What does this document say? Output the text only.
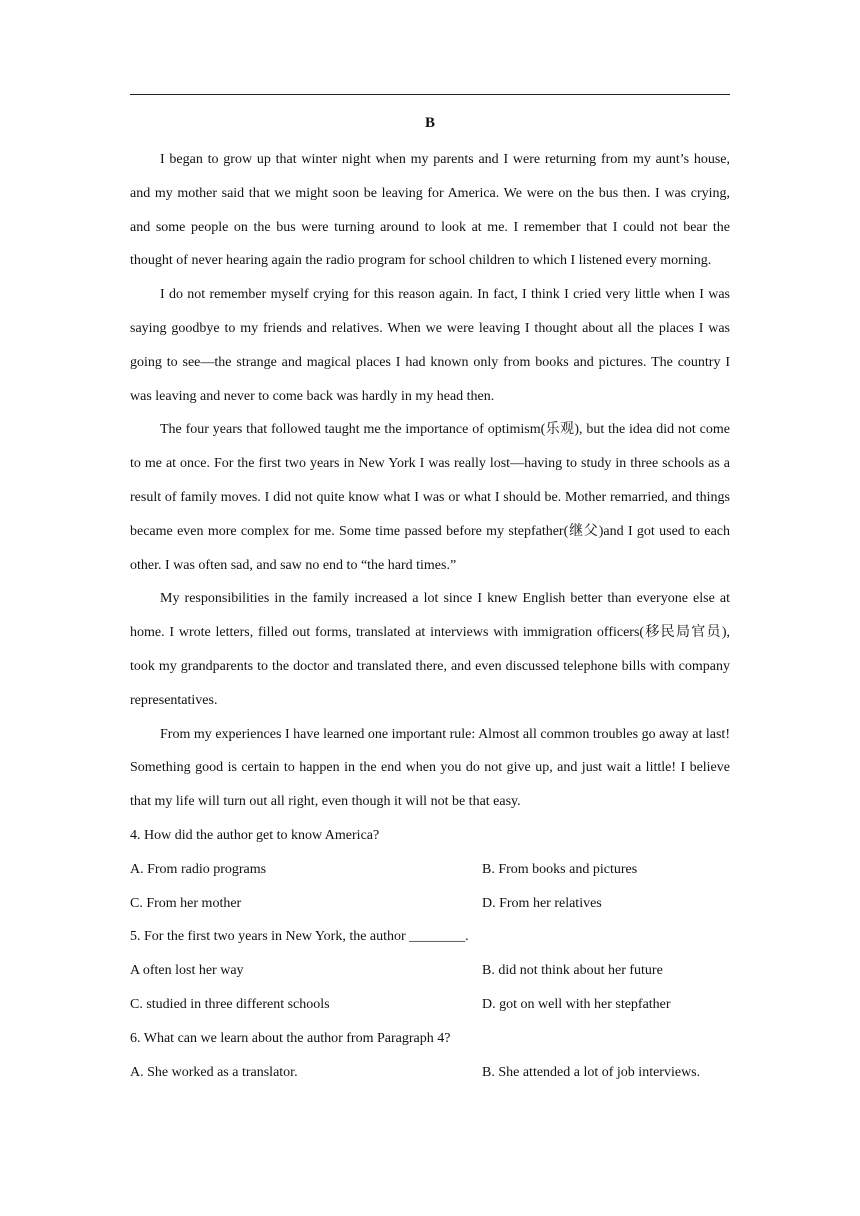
B

I began to grow up that winter night when my parents and I were returning from my aunt’s house, and my mother said that we might soon be leaving for America. We were on the bus then. I was crying, and some people on the bus were turning around to look at me. I remember that I could not bear the thought of never hearing again the radio program for school children to which I listened every morning.

I do not remember myself crying for this reason again. In fact, I think I cried very little when I was saying goodbye to my friends and relatives. When we were leaving I thought about all the places I was going to see—the strange and magical places I had known only from books and pictures. The country I was leaving and never to come back was hardly in my head then.

The four years that followed taught me the importance of optimism(乐观), but the idea did not come to me at once. For the first two years in New York I was really lost—having to study in three schools as a result of family moves. I did not quite know what I was or what I should be. Mother remarried, and things became even more complex for me. Some time passed before my stepfather(继父)and I got used to each other. I was often sad, and saw no end to “the hard times.”

My responsibilities in the family increased a lot since I knew English better than everyone else at home. I wrote letters, filled out forms, translated at interviews with immigration officers(移民局官员), took my grandparents to the doctor and translated there, and even discussed telephone bills with company representatives.

From my experiences I have learned one important rule: Almost all common troubles go away at last! Something good is certain to happen in the end when you do not give up, and just wait a little! I believe that my life will turn out all right, even though it will not be that easy.

4. How did the author get to know America?

A. From radio programs	B. From books and pictures
C. From her mother	D. From her relatives

5. For the first two years in New York, the author ________.

A often lost her way	B. did not think about her future
C. studied in three different schools	D. got on well with her stepfather

6. What can we learn about the author from Paragraph 4?

A. She worked as a translator.	B. She attended a lot of job interviews.
